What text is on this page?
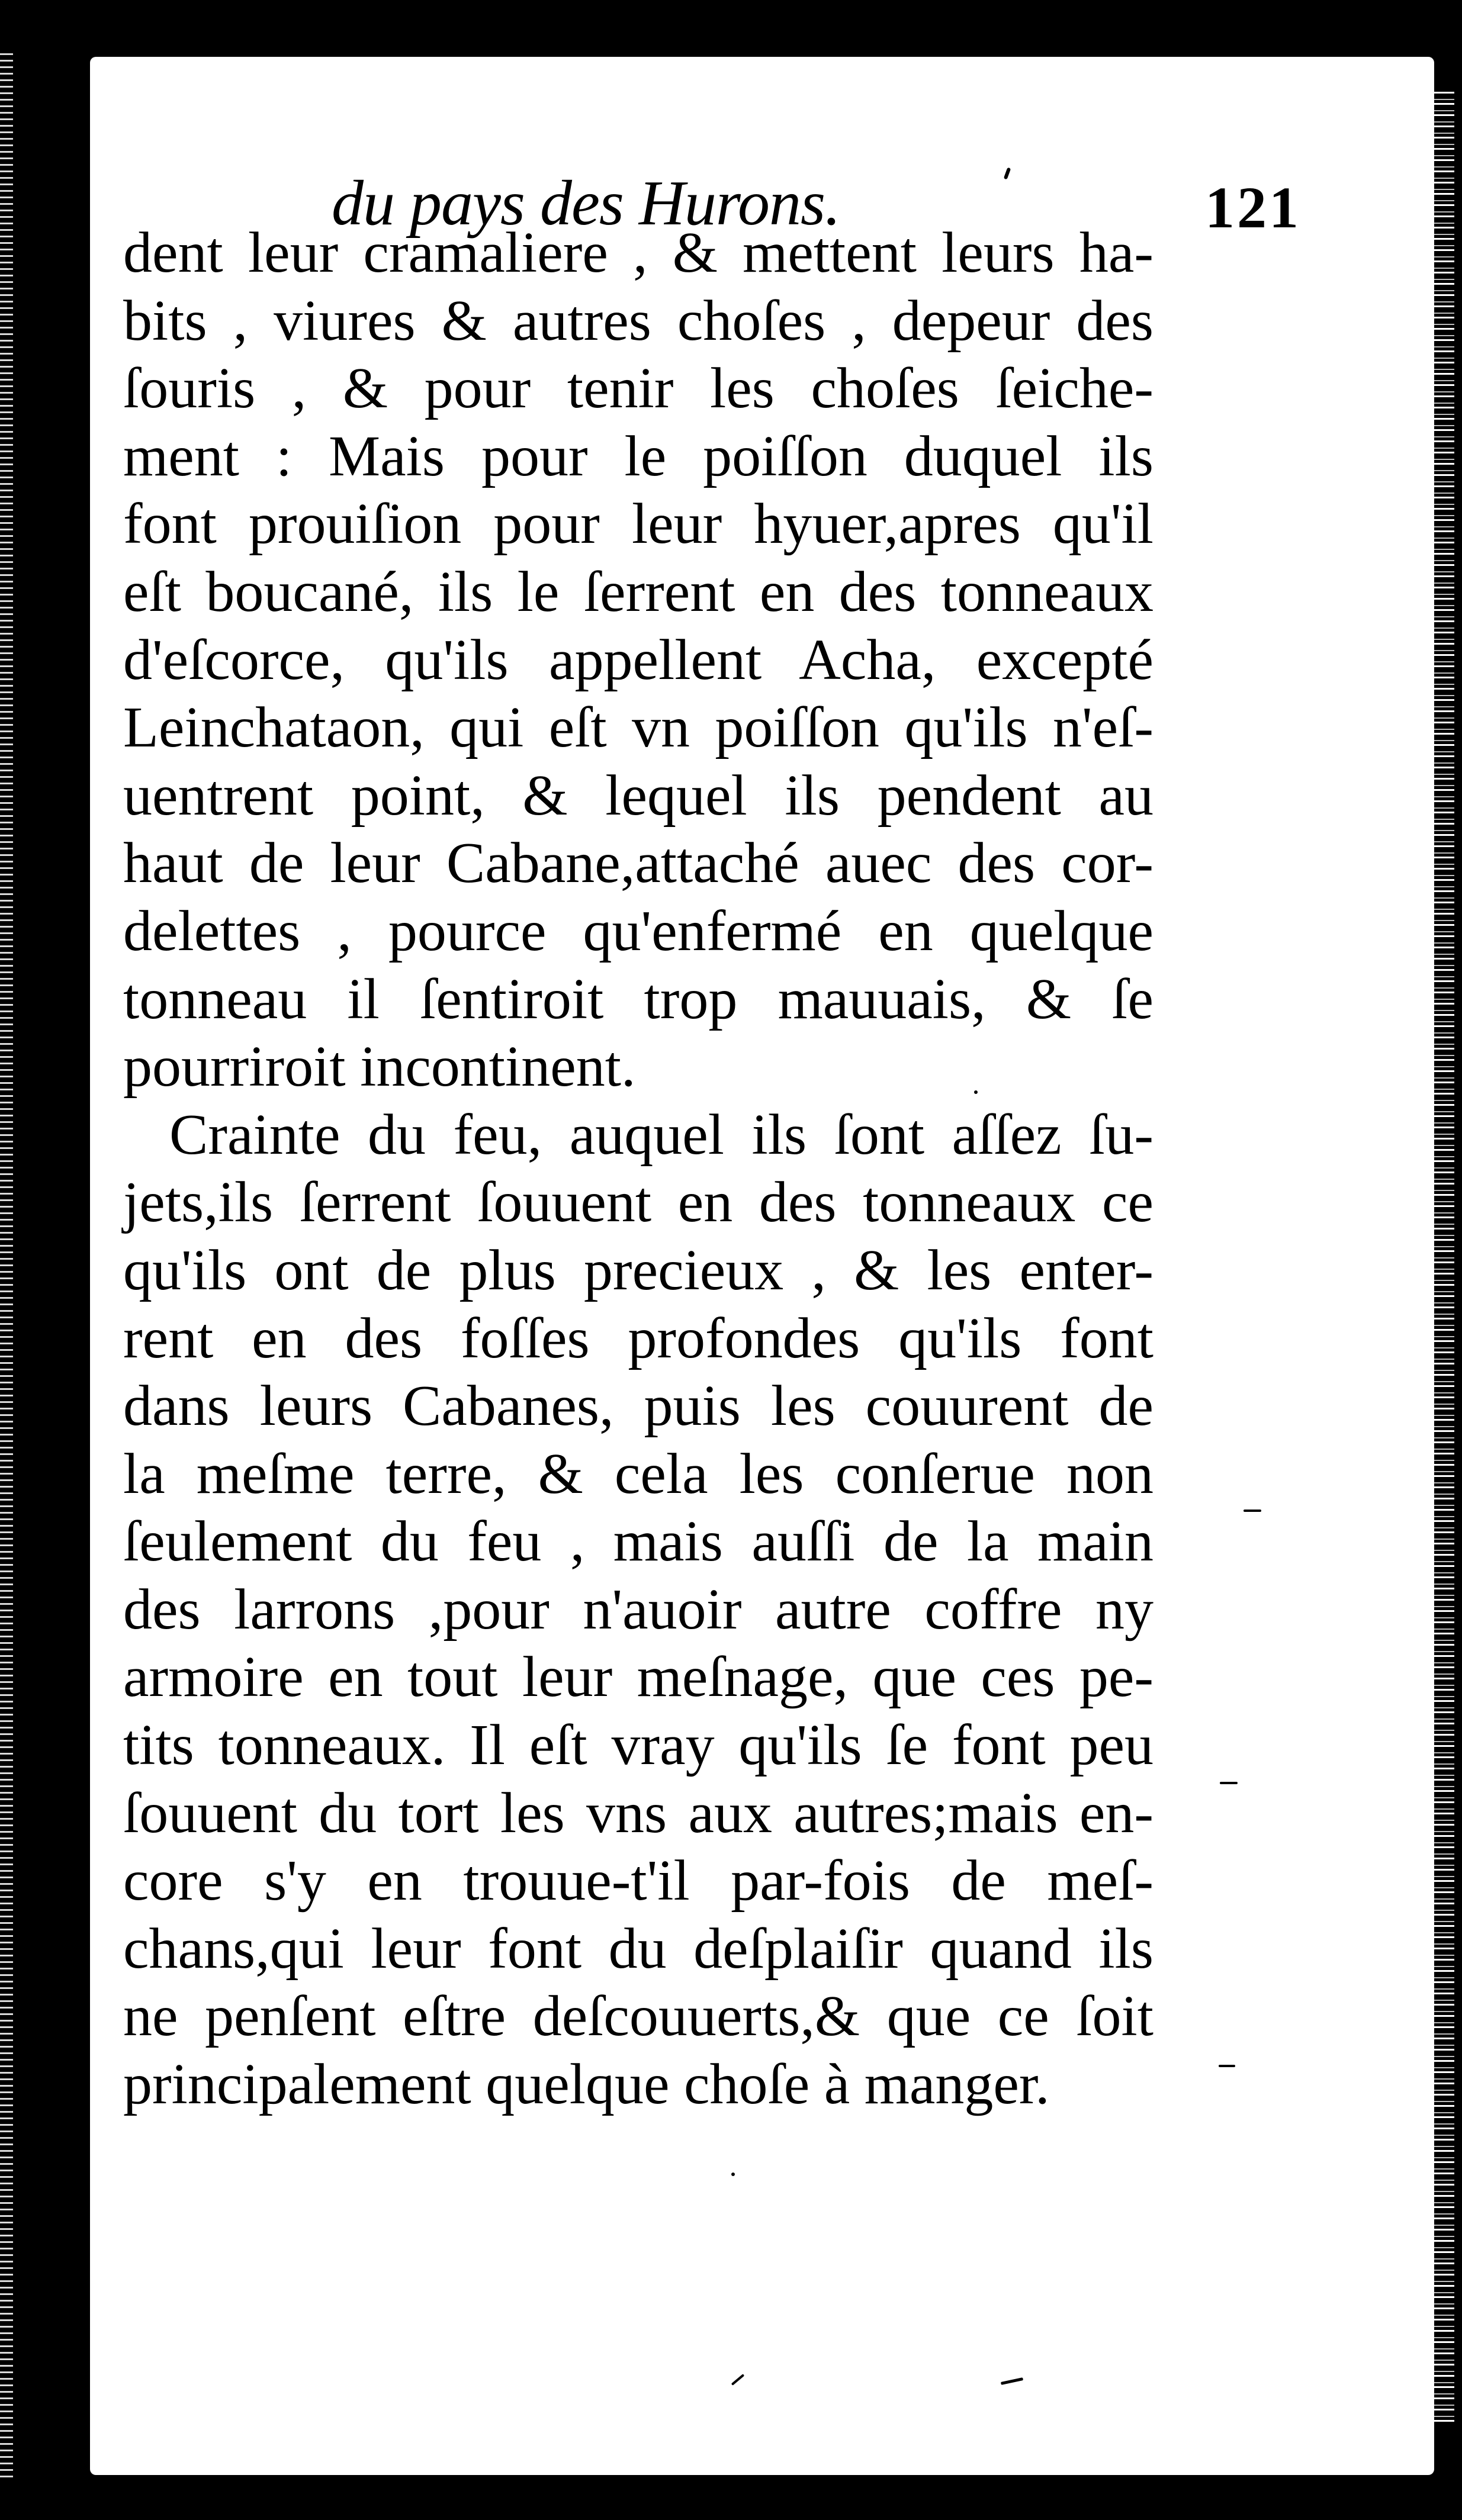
du pays des Hurons.	121
dent leur cramaliere , & mettent leurs ha-
bits , viures & autres choſes , depeur des
ſouris , & pour tenir les choſes ſeiche-
ment : Mais pour le poiſſon duquel ils
font prouiſion pour leur hyuer,apres qu'il
eſt boucané, ils le ſerrent en des tonneaux
d'eſcorce, qu'ils appellent Acha, excepté
Leinchataon, qui eſt vn poiſſon qu'ils n'eſ-
uentrent point, & lequel ils pendent au
haut de leur Cabane,attaché auec des cor-
delettes , pource qu'enfermé en quelque
tonneau il ſentiroit trop mauuais, & ſe
pourriroit incontinent.
Crainte du feu, auquel ils ſont aſſez ſu-
jets,ils ſerrent ſouuent en des tonneaux ce
qu'ils ont de plus precieux , & les enter-
rent en des foſſes profondes qu'ils font
dans leurs Cabanes, puis les couurent de
la meſme terre, & cela les conſerue non
ſeulement du feu , mais auſſi de la main
des larrons ,pour n'auoir autre coffre ny
armoire en tout leur meſnage, que ces pe-
tits tonneaux. Il eſt vray qu'ils ſe font peu
ſouuent du tort les vns aux autres;mais en-
core s'y en trouue-t'il par-fois de meſ-
chans,qui leur font du deſplaiſir quand ils
ne penſent eſtre deſcouuerts,& que ce ſoit
principalement quelque choſe à manger.
